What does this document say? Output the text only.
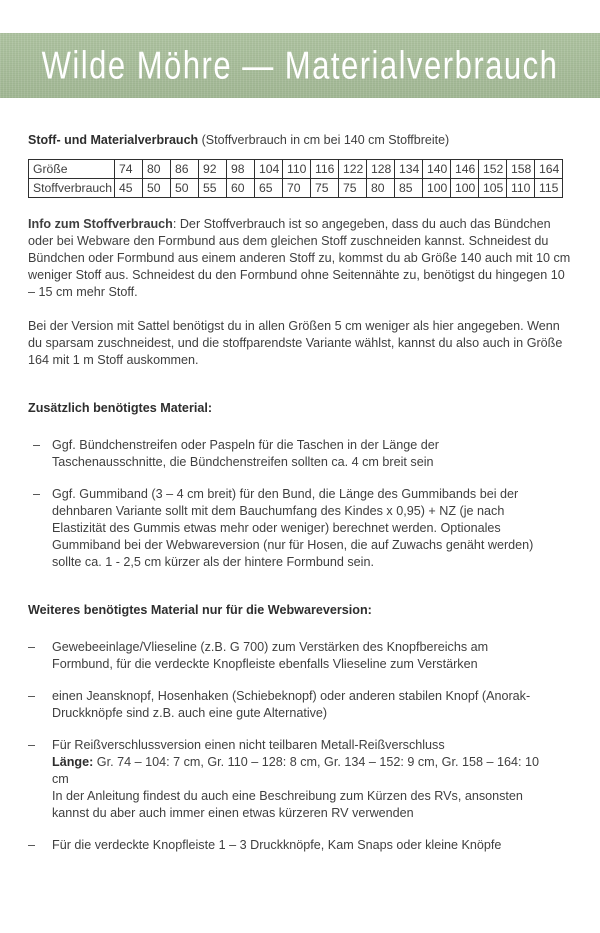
Wilde Möhre — Materialverbrauch

Stoff- und Materialverbrauch (Stoffverbrauch in cm bei 140 cm Stoffbreite)

Größe	74	80	86	92	98	104	110	116	122	128	134	140	146	152	158	164
Stoffverbrauch	45	50	50	55	60	65	70	75	75	80	85	100	100	105	110	115

Info zum Stoffverbrauch: Der Stoffverbrauch ist so angegeben, dass du auch das Bündchen oder bei Webware den Formbund aus dem gleichen Stoff zuschneiden kannst. Schneidest du Bündchen oder Formbund aus einem anderen Stoff zu, kommst du ab Größe 140 auch mit 10 cm weniger Stoff aus. Schneidest du den Formbund ohne Seitennähte zu, benötigst du hingegen 10 – 15 cm mehr Stoff.

Bei der Version mit Sattel benötigst du in allen Größen 5 cm weniger als hier angegeben. Wenn du sparsam zuschneidest, und die stoffparendste Variante wählst, kannst du also auch in Größe 164 mit 1 m Stoff auskommen.

Zusätzlich benötigtes Material:
– Ggf. Bündchenstreifen oder Paspeln für die Taschen in der Länge der Taschenausschnitte, die Bündchenstreifen sollten ca. 4 cm breit sein
– Ggf. Gummiband (3 – 4 cm breit) für den Bund, die Länge des Gummibands bei der dehnbaren Variante sollt mit dem Bauchumfang des Kindes x 0,95) + NZ (je nach Elastizität des Gummis etwas mehr oder weniger) berechnet werden. Optionales Gummiband bei der Webwareversion (nur für Hosen, die auf Zuwachs genäht werden) sollte ca. 1 - 2,5 cm kürzer als der hintere Formbund sein.
Weiteres benötigtes Material nur für die Webwareversion:
–	Gewebeeinlage/Vlieseline (z.B. G 700) zum Verstärken des Knopfbereichs am Formbund, für die verdeckte Knopfleiste ebenfalls Vlieseline zum Verstärken
–	einen Jeansknopf, Hosenhaken (Schiebeknopf) oder anderen stabilen Knopf (Anorak-Druckknöpfe sind z.B. auch eine gute Alternative)
–	Für Reißverschlussversion einen nicht teilbaren Metall-Reißverschluss
Länge: Gr. 74 – 104: 7 cm, Gr. 110 – 128: 8 cm, Gr. 134 – 152: 9 cm, Gr. 158 – 164: 10 cm
In der Anleitung findest du auch eine Beschreibung zum Kürzen des RVs, ansonsten kannst du aber auch immer einen etwas kürzeren RV verwenden
–	Für die verdeckte Knopfleiste 1 – 3 Druckknöpfe, Kam Snaps oder kleine Knöpfe
